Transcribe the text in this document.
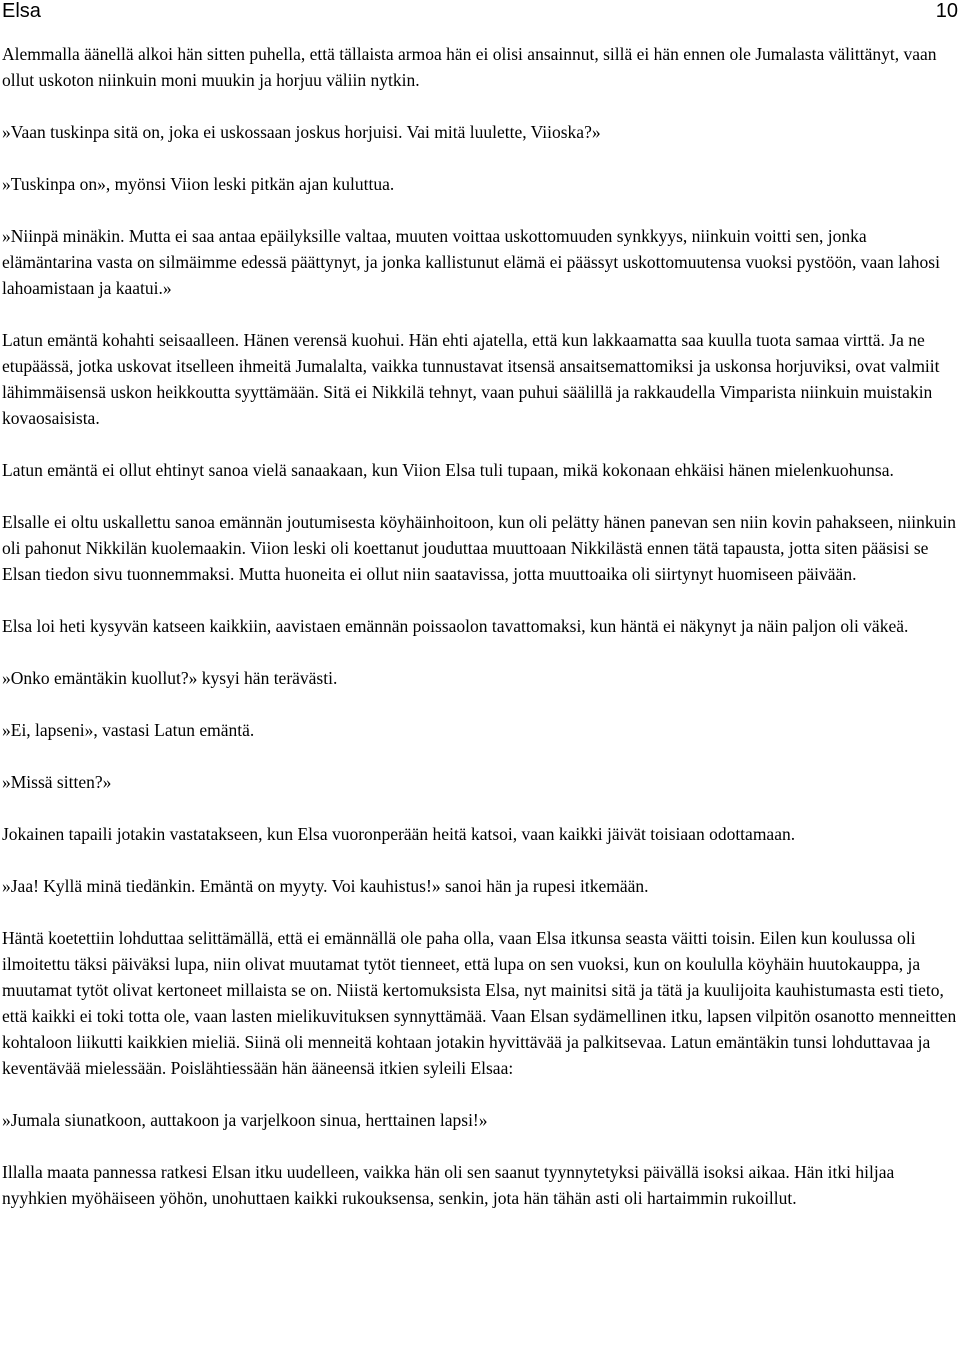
Elsa	10

Alemmalla äänellä alkoi hän sitten puhella, että tällaista armoa hän ei olisi ansainnut, sillä ei hän ennen ole Jumalasta välittänyt, vaan ollut uskoton niinkuin moni muukin ja horjuu väliin nytkin.

»Vaan tuskinpa sitä on, joka ei uskossaan joskus horjuisi. Vai mitä luulette, Viioska?»

»Tuskinpa on», myönsi Viion leski pitkän ajan kuluttua.

»Niinpä minäkin. Mutta ei saa antaa epäilyksille valtaa, muuten voittaa uskottomuuden synkkyys, niinkuin voitti sen, jonka elämäntarina vasta on silmäimme edessä päättynyt, ja jonka kallistunut elämä ei päässyt uskottomuutensa vuoksi pystöön, vaan lahosi lahoamistaan ja kaatui.»

Latun emäntä kohahti seisaalleen. Hänen verensä kuohui. Hän ehti ajatella, että kun lakkaamatta saa kuulla tuota samaa virttä. Ja ne etupäässä, jotka uskovat itselleen ihmeitä Jumalalta, vaikka tunnustavat itsensä ansaitsemattomiksi ja uskonsa horjuviksi, ovat valmiit lähimmäisensä uskon heikkoutta syyttämään. Sitä ei Nikkilä tehnyt, vaan puhui säälillä ja rakkaudella Vimparista niinkuin muistakin kovaosaisista.

Latun emäntä ei ollut ehtinyt sanoa vielä sanaakaan, kun Viion Elsa tuli tupaan, mikä kokonaan ehkäisi hänen mielenkuohunsa.

Elsalle ei oltu uskallettu sanoa emännän joutumisesta köyhäinhoitoon, kun oli pelätty hänen panevan sen niin kovin pahakseen, niinkuin oli pahonut Nikkilän kuolemaakin. Viion leski oli koettanut jouduttaa muuttoaan Nikkilästä ennen tätä tapausta, jotta siten pääsisi se Elsan tiedon sivu tuonnemmaksi. Mutta huoneita ei ollut niin saatavissa, jotta muuttoaika oli siirtynyt huomiseen päivään.

Elsa loi heti kysyvän katseen kaikkiin, aavistaen emännän poissaolon tavattomaksi, kun häntä ei näkynyt ja näin paljon oli väkeä.

»Onko emäntäkin kuollut?» kysyi hän terävästi.

»Ei, lapseni», vastasi Latun emäntä.

»Missä sitten?»

Jokainen tapaili jotakin vastatakseen, kun Elsa vuoronperään heitä katsoi, vaan kaikki jäivät toisiaan odottamaan.

»Jaa! Kyllä minä tiedänkin. Emäntä on myyty. Voi kauhistus!» sanoi hän ja rupesi itkemään.

Häntä koetettiin lohduttaa selittämällä, että ei emännällä ole paha olla, vaan Elsa itkunsa seasta väitti toisin. Eilen kun koulussa oli ilmoitettu täksi päiväksi lupa, niin olivat muutamat tytöt tienneet, että lupa on sen vuoksi, kun on koululla köyhäin huutokauppa, ja muutamat tytöt olivat kertoneet millaista se on. Niistä kertomuksista Elsa, nyt mainitsi sitä ja tätä ja kuulijoita kauhistumasta esti tieto, että kaikki ei toki totta ole, vaan lasten mielikuvituksen synnyttämää. Vaan Elsan sydämellinen itku, lapsen vilpitön osanotto menneitten kohtaloon liikutti kaikkien mieliä. Siinä oli menneitä kohtaan jotakin hyvittävää ja palkitsevaa. Latun emäntäkin tunsi lohduttavaa ja keventävää mielessään. Poislähtiessään hän ääneensä itkien syleili Elsaa:

»Jumala siunatkoon, auttakoon ja varjelkoon sinua, herttainen lapsi!»

Illalla maata pannessa ratkesi Elsan itku uudelleen, vaikka hän oli sen saanut tyynnytetyksi päivällä isoksi aikaa. Hän itki hiljaa nyyhkien myöhäiseen yöhön, unohuttaen kaikki rukouksensa, senkin, jota hän tähän asti oli hartaimmin rukoillut.
